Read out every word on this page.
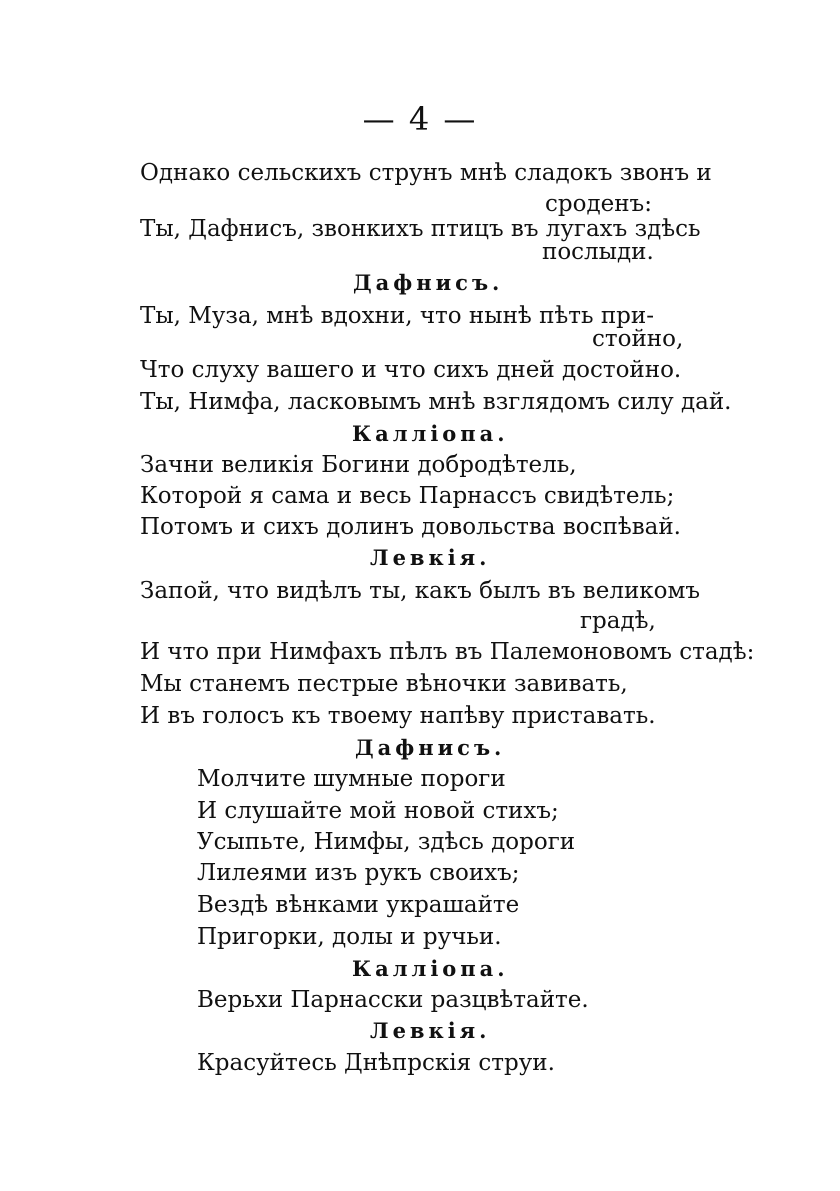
— 4 —
Однако сельскихъ струнъ мнѣ сладокъ звонъ и
сроденъ:
Ты, Дафнисъ, звонкихъ птицъ въ лугахъ здѣсь
послыди.
Дафнисъ.
Ты, Муза, мнѣ вдохни, что нынѣ пѣть при-
стойно,
Что слуху вашего и что сихъ дней достойно.
Ты, Нимфа, ласковымъ мнѣ взглядомъ силу дай.
Каллiопа.
Зачни великiя Богини добродѣтель,
Которой я сама и весь Парнассъ свидѣтель;
Потомъ и сихъ долинъ довольства воспѣвай.
Левкiя.
Запой, что видѣлъ ты, какъ былъ въ великомъ
градѣ,
И что при Нимфахъ пѣлъ въ Палемоновомъ стадѣ:
Мы станемъ пестрые вѣночки завивать,
И въ голосъ къ твоему напѣву приставать.
Дафнисъ.
Молчите шумные пороги
И слушайте мой новой стихъ;
Усыпьте, Нимфы, здѣсь дороги
Лилеями изъ рукъ своихъ;
Вездѣ вѣнками украшайте
Пригорки, долы и ручьи.
Каллiопа.
Верьхи Парнасски разцвѣтайте.
Левкiя.
Красуйтесь Днѣпрскiя струи.
